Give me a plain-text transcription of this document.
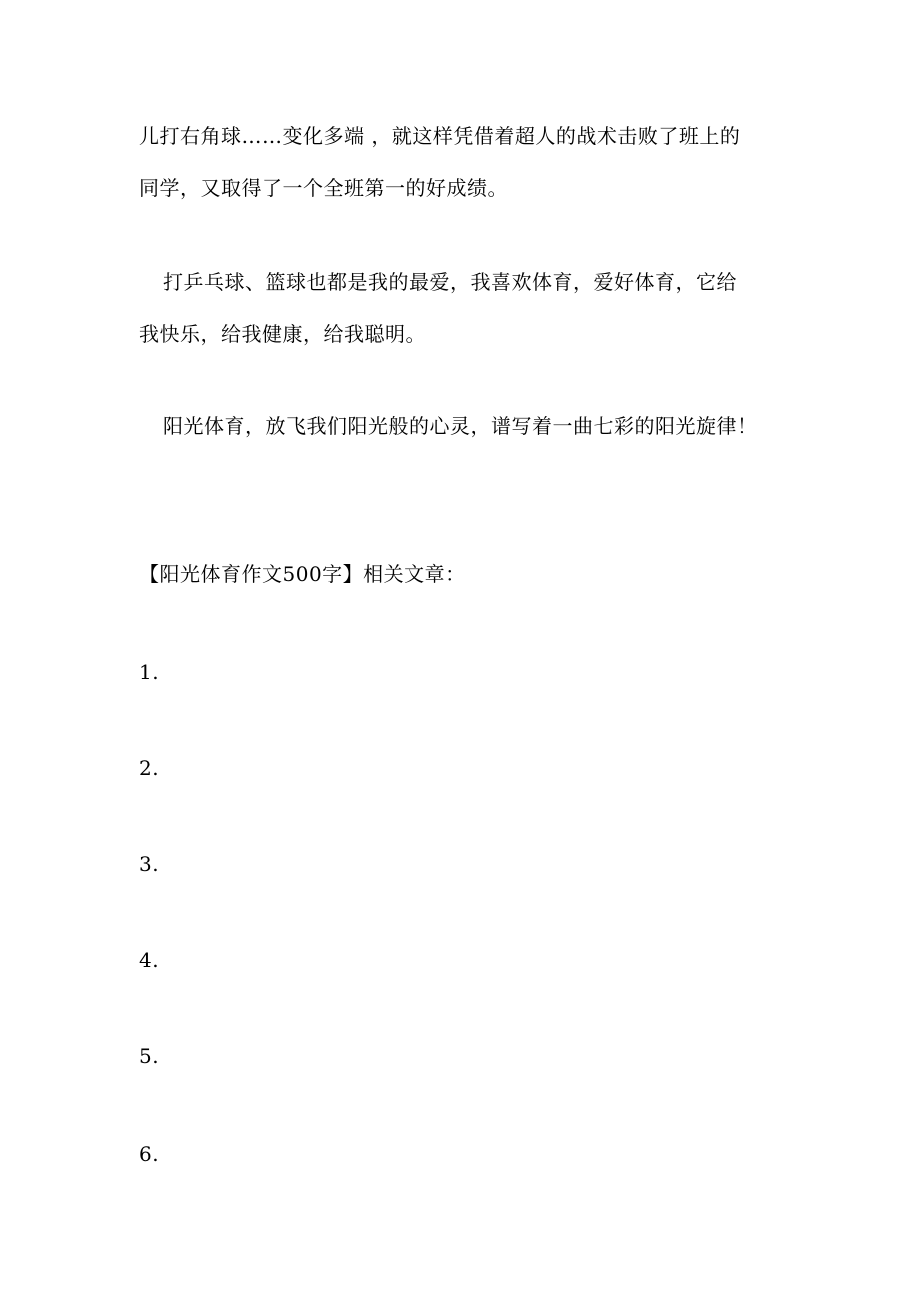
儿打右角球……变化多端 ，就这样凭借着超人的战术击败了班上的
同学，又取得了一个全班第一的好成绩。
打乒乓球、篮球也都是我的最爱，我喜欢体育，爱好体育，它给
我快乐，给我健康，给我聪明。
阳光体育，放飞我们阳光般的心灵，谱写着一曲七彩的阳光旋律！
【阳光体育作文500字】相关文章：
1.
2.
3.
4.
5.
6.
